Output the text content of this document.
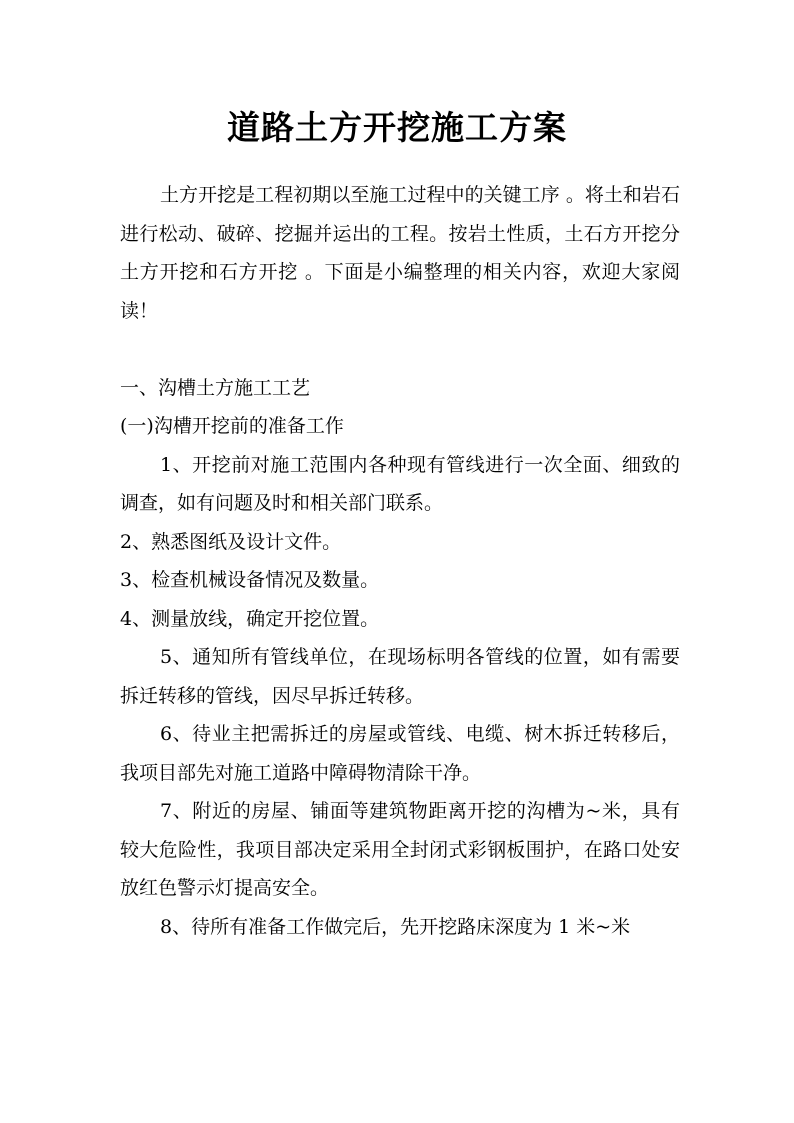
道路土方开挖施工方案

土方开挖是工程初期以至施工过程中的关键工序 。将土和岩石进行松动、破碎、挖掘并运出的工程。按岩土性质，土石方开挖分土方开挖和石方开挖 。下面是小编整理的相关内容，欢迎大家阅读！

一、沟槽土方施工工艺

(一)沟槽开挖前的准备工作

1、开挖前对施工范围内各种现有管线进行一次全面、细致的调查，如有问题及时和相关部门联系。

2、熟悉图纸及设计文件。

3、检查机械设备情况及数量。

4、测量放线，确定开挖位置。

5、通知所有管线单位，在现场标明各管线的位置，如有需要拆迁转移的管线，因尽早拆迁转移。

6、待业主把需拆迁的房屋或管线、电缆、树木拆迁转移后，我项目部先对施工道路中障碍物清除干净。

7、附近的房屋、铺面等建筑物距离开挖的沟槽为~米，具有较大危险性，我项目部决定采用全封闭式彩钢板围护，在路口处安放红色警示灯提高安全。

8、待所有准备工作做完后，先开挖路床深度为 1 米~米
